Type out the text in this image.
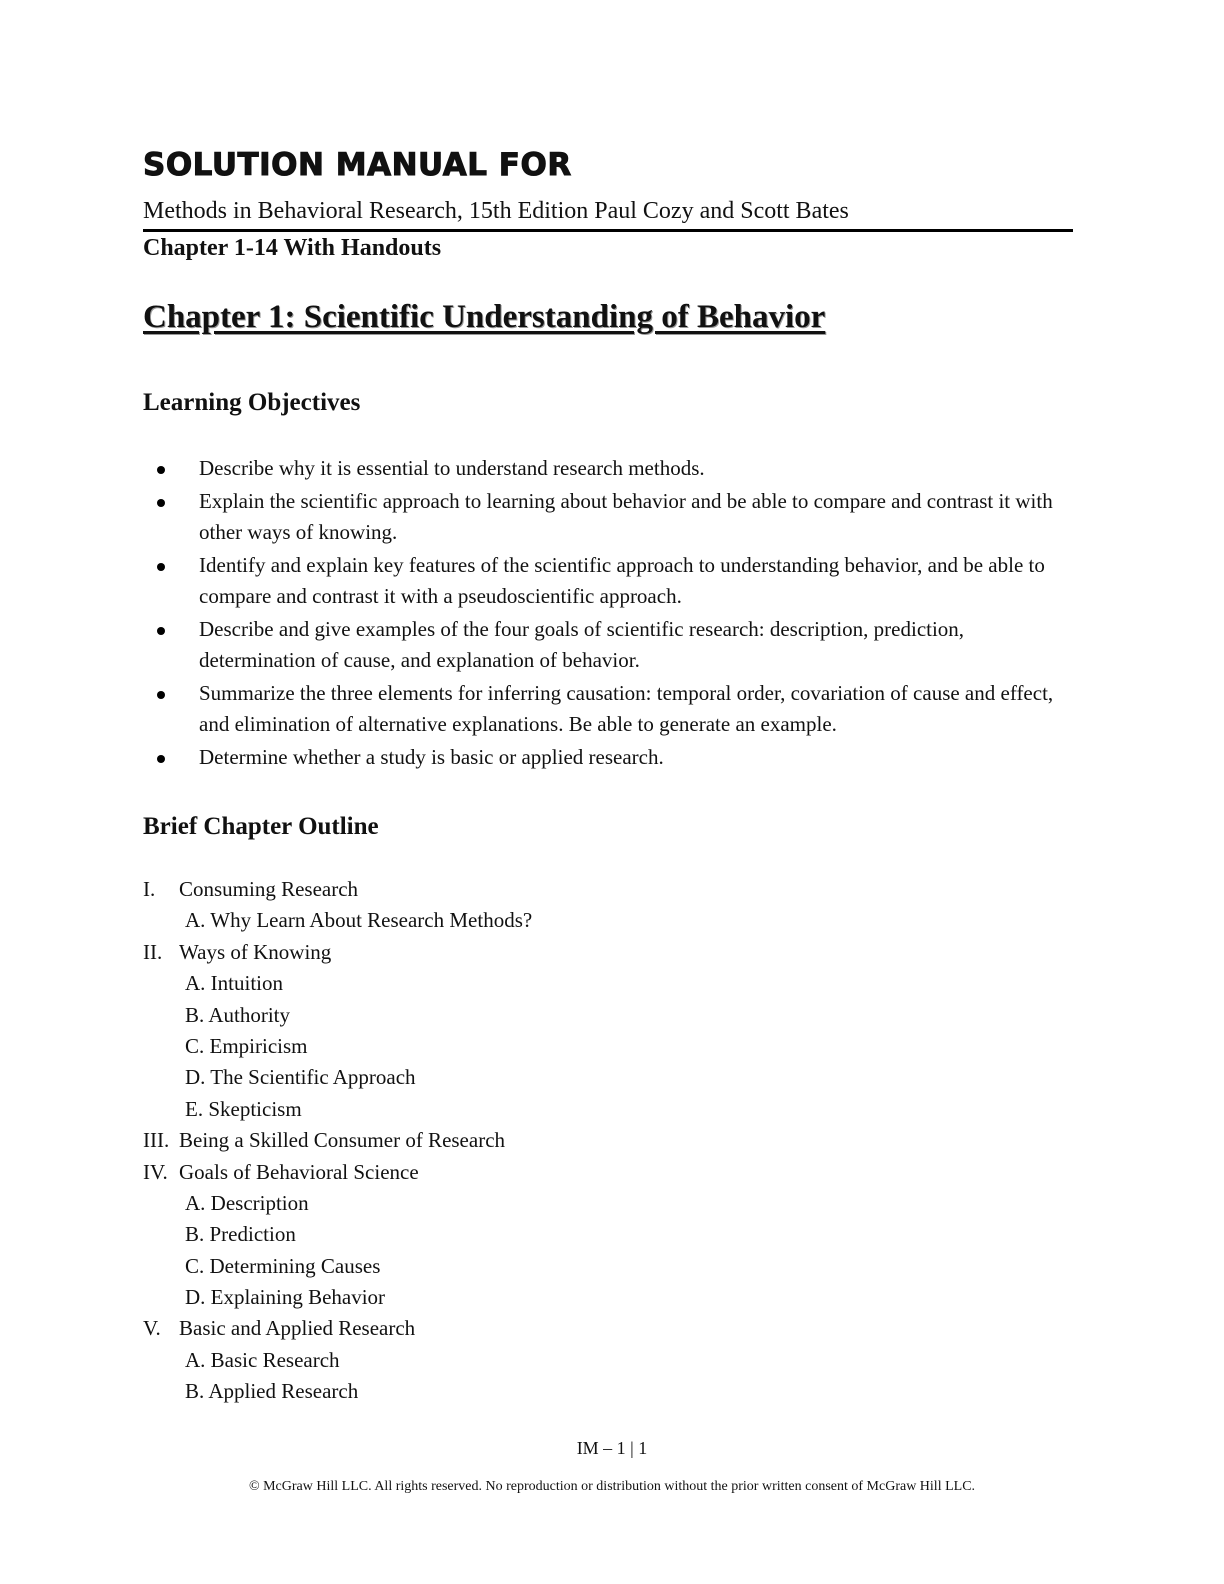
SOLUTION MANUAL FOR
Methods in Behavioral Research, 15th Edition Paul Cozy and Scott Bates
Chapter 1-14 With Handouts
Chapter 1: Scientific Understanding of Behavior
Learning Objectives
Describe why it is essential to understand research methods.
Explain the scientific approach to learning about behavior and be able to compare and contrast it with other ways of knowing.
Identify and explain key features of the scientific approach to understanding behavior, and be able to compare and contrast it with a pseudoscientific approach.
Describe and give examples of the four goals of scientific research: description, prediction, determination of cause, and explanation of behavior.
Summarize the three elements for inferring causation: temporal order, covariation of cause and effect, and elimination of alternative explanations. Be able to generate an example.
Determine whether a study is basic or applied research.
Brief Chapter Outline
I. Consuming Research
A. Why Learn About Research Methods?
II. Ways of Knowing
A. Intuition
B. Authority
C. Empiricism
D. The Scientific Approach
E. Skepticism
III. Being a Skilled Consumer of Research
IV. Goals of Behavioral Science
A. Description
B. Prediction
C. Determining Causes
D. Explaining Behavior
V. Basic and Applied Research
A. Basic Research
B. Applied Research
IM – 1 | 1
© McGraw Hill LLC. All rights reserved. No reproduction or distribution without the prior written consent of McGraw Hill LLC.
